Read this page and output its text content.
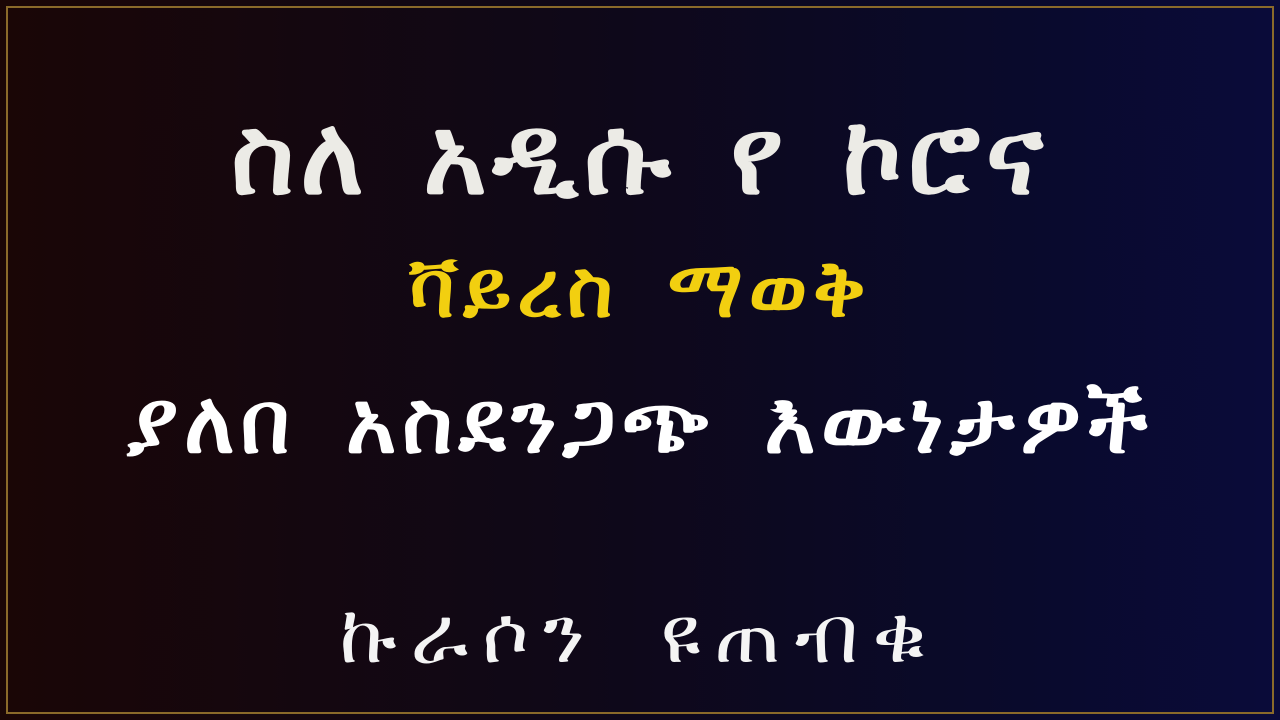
ስለ አዲሱ የ ኮሮና
ቫይረስ ማወቅ
ያለበ አስደንጋጭ እውነታዎች
ኩራሶን ዩጠብቁ
